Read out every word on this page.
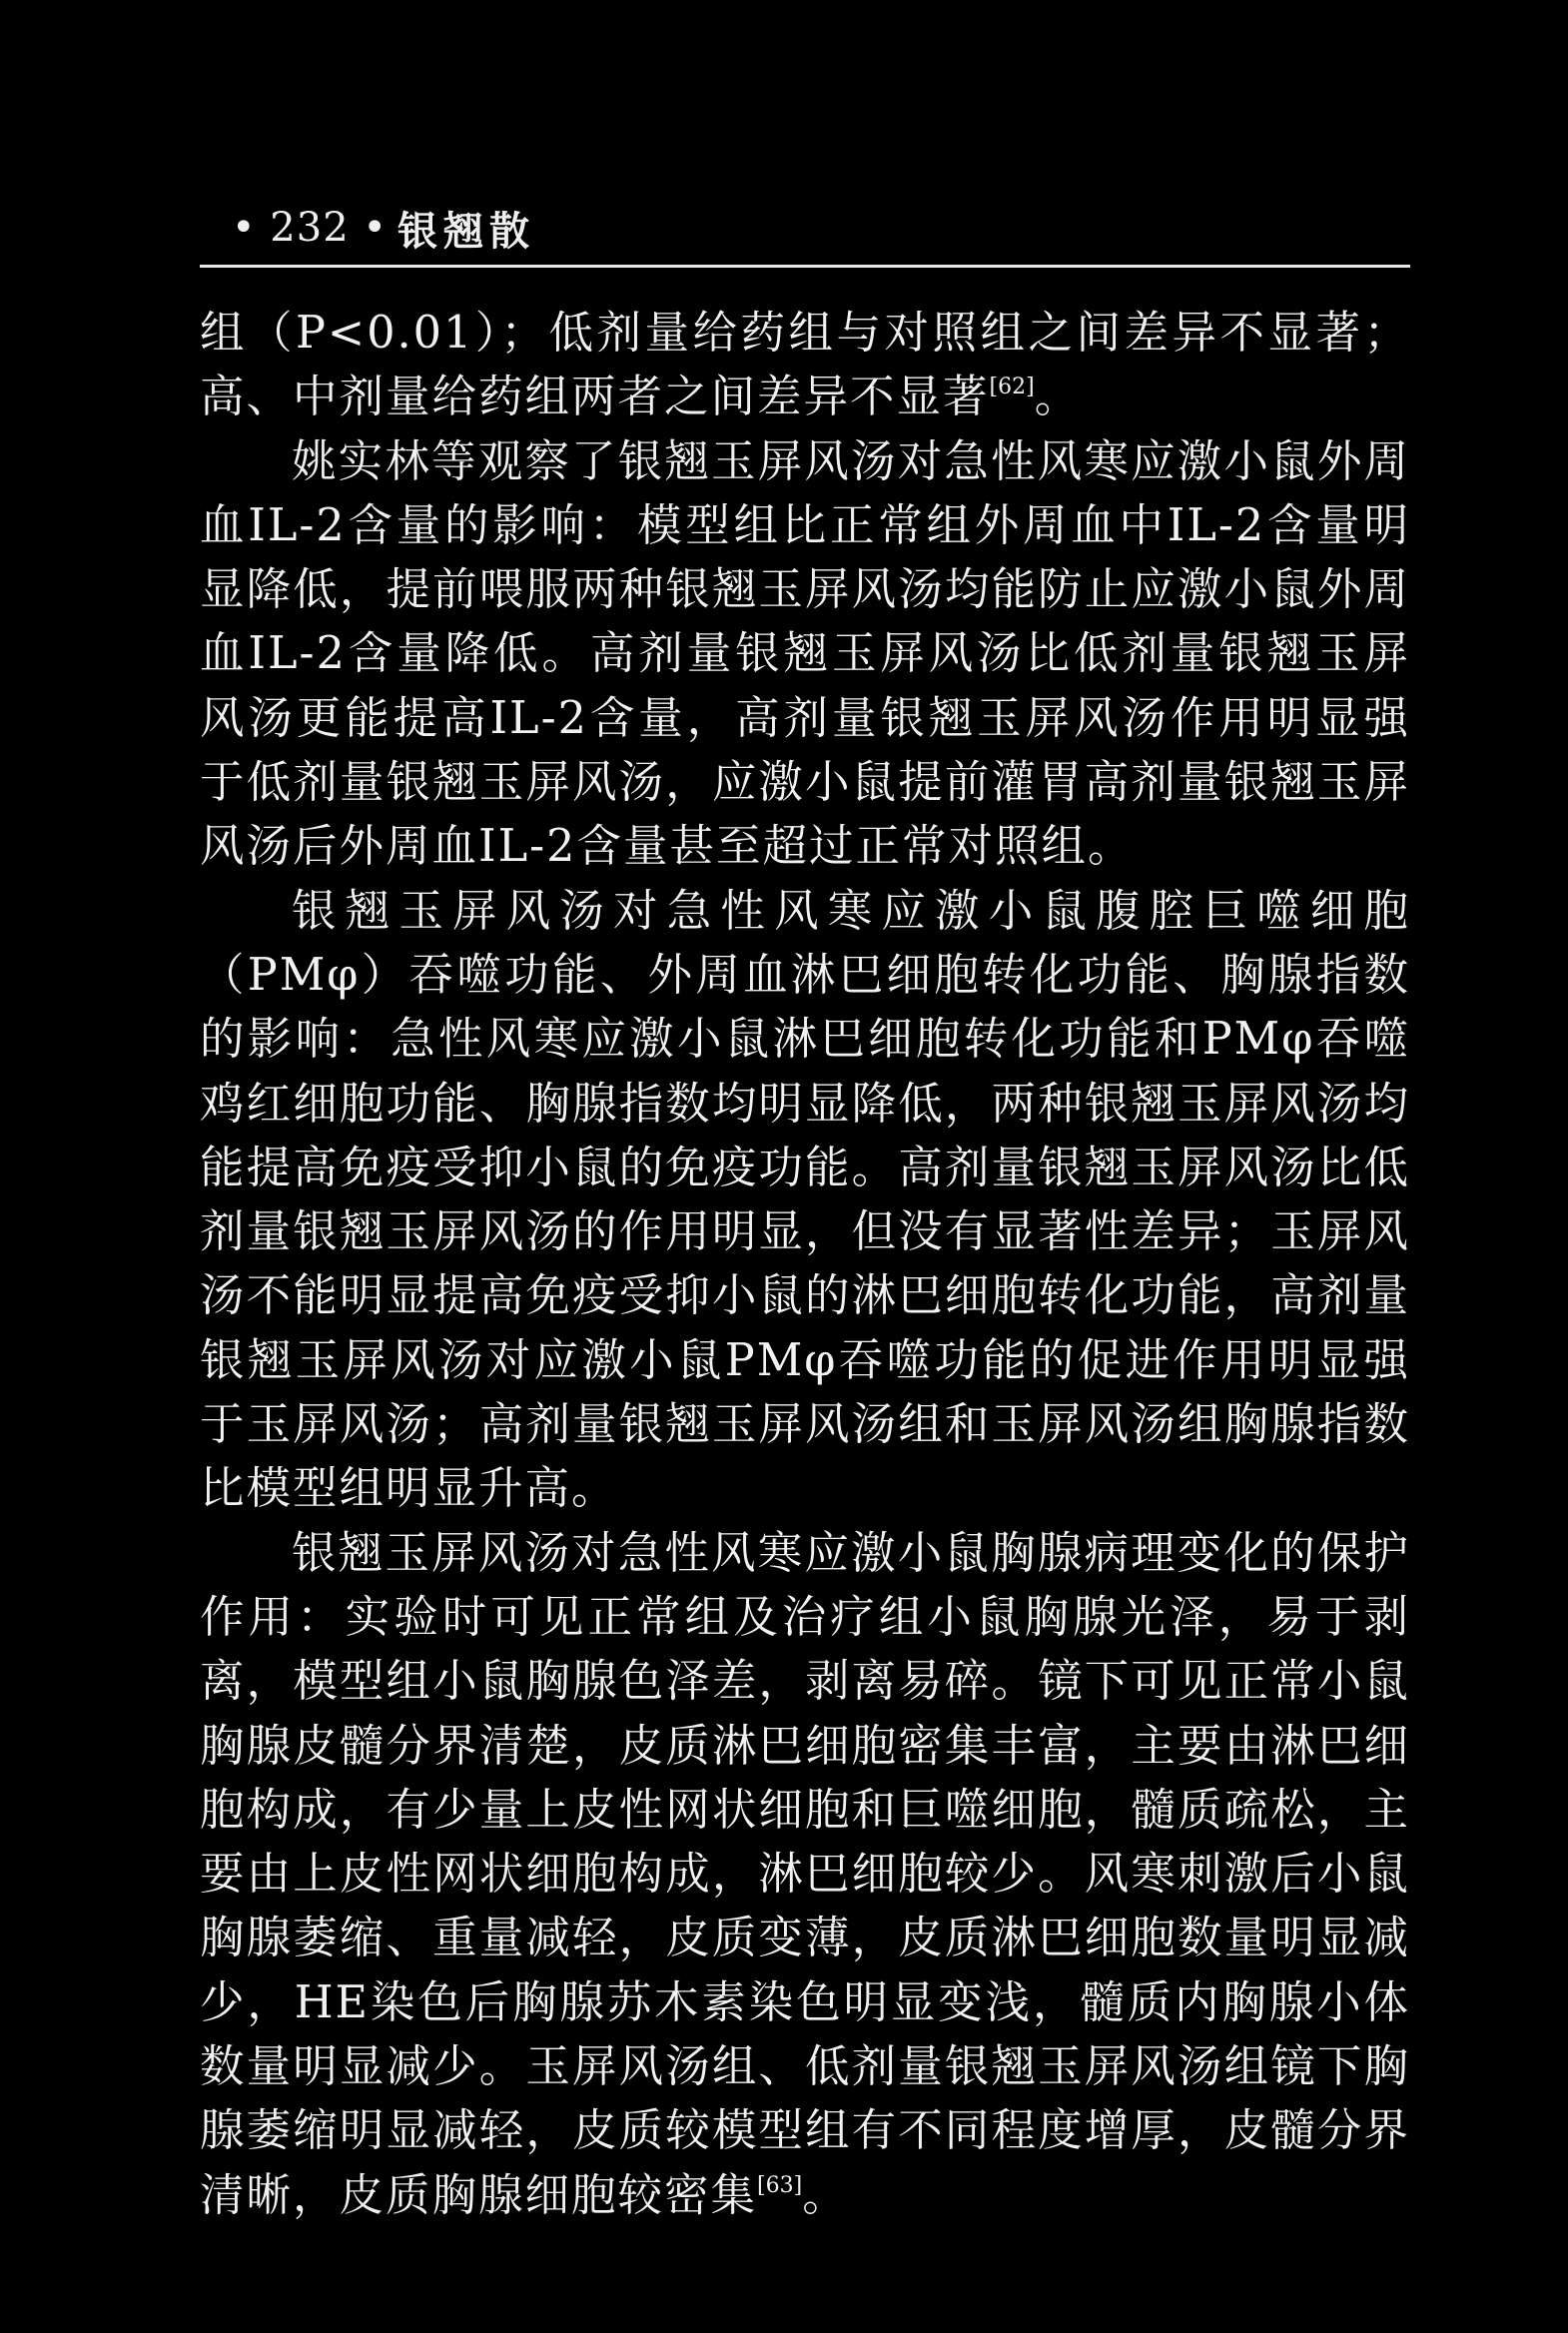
• 232 • 银翘散

组（P<0.01）；低剂量给药组与对照组之间差异不显著；高、中剂量给药组两者之间差异不显著[62]。

姚实林等观察了银翘玉屏风汤对急性风寒应激小鼠外周血IL-2含量的影响：模型组比正常组外周血中IL-2含量明显降低，提前喂服两种银翘玉屏风汤均能防止应激小鼠外周血IL-2含量降低。高剂量银翘玉屏风汤比低剂量银翘玉屏风汤更能提高IL-2含量，高剂量银翘玉屏风汤作用明显强于低剂量银翘玉屏风汤，应激小鼠提前灌胃高剂量银翘玉屏风汤后外周血IL-2含量甚至超过正常对照组。

银翘玉屏风汤对急性风寒应激小鼠腹腔巨噬细胞（PMφ）吞噬功能、外周血淋巴细胞转化功能、胸腺指数的影响：急性风寒应激小鼠淋巴细胞转化功能和PMφ吞噬鸡红细胞功能、胸腺指数均明显降低，两种银翘玉屏风汤均能提高免疫受抑小鼠的免疫功能。高剂量银翘玉屏风汤比低剂量银翘玉屏风汤的作用明显，但没有显著性差异；玉屏风汤不能明显提高免疫受抑小鼠的淋巴细胞转化功能，高剂量银翘玉屏风汤对应激小鼠PMφ吞噬功能的促进作用明显强于玉屏风汤；高剂量银翘玉屏风汤组和玉屏风汤组胸腺指数比模型组明显升高。

银翘玉屏风汤对急性风寒应激小鼠胸腺病理变化的保护作用：实验时可见正常组及治疗组小鼠胸腺光泽，易于剥离，模型组小鼠胸腺色泽差，剥离易碎。镜下可见正常小鼠胸腺皮髓分界清楚，皮质淋巴细胞密集丰富，主要由淋巴细胞构成，有少量上皮性网状细胞和巨噬细胞，髓质疏松，主要由上皮性网状细胞构成，淋巴细胞较少。风寒刺激后小鼠胸腺萎缩、重量减轻，皮质变薄，皮质淋巴细胞数量明显减少，HE染色后胸腺苏木素染色明显变浅，髓质内胸腺小体数量明显减少。玉屏风汤组、低剂量银翘玉屏风汤组镜下胸腺萎缩明显减轻，皮质较模型组有不同程度增厚，皮髓分界清晰，皮质胸腺细胞较密集[63]。
